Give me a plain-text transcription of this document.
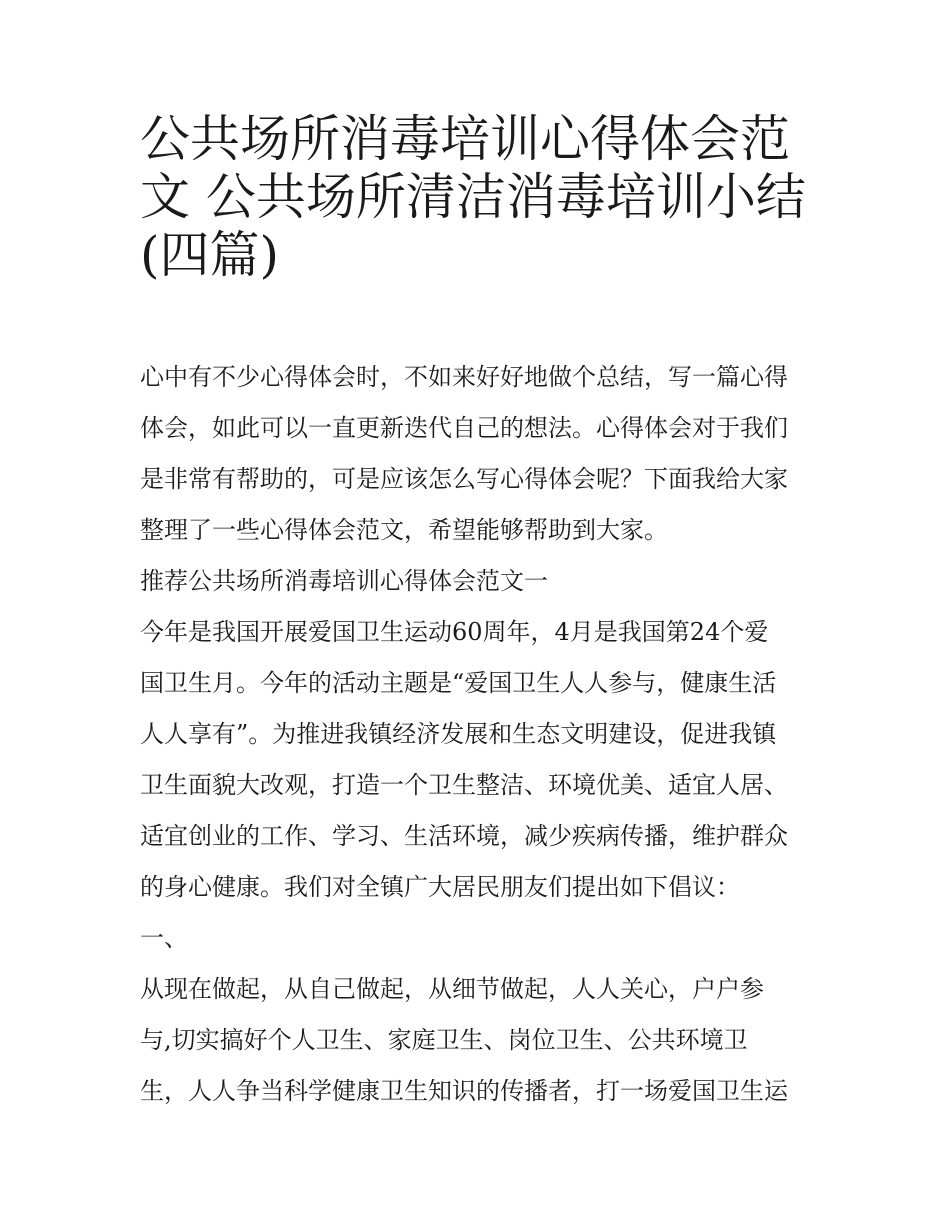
公共场所消毒培训心得体会范
文 公共场所清洁消毒培训小结
(四篇)

心中有不少心得体会时，不如来好好地做个总结，写一篇心得

体会，如此可以一直更新迭代自己的想法。心得体会对于我们

是非常有帮助的，可是应该怎么写心得体会呢？下面我给大家

整理了一些心得体会范文，希望能够帮助到大家。

推荐公共场所消毒培训心得体会范文一

今年是我国开展爱国卫生运动60周年，4月是我国第24个爱

国卫生月。今年的活动主题是“爱国卫生人人参与，健康生活

人人享有”。为推进我镇经济发展和生态文明建设，促进我镇

卫生面貌大改观，打造一个卫生整洁、环境优美、适宜人居、

适宜创业的工作、学习、生活环境，减少疾病传播，维护群众

的身心健康。我们对全镇广大居民朋友们提出如下倡议：

一、

从现在做起，从自己做起，从细节做起，人人关心，户户参

与,切实搞好个人卫生、家庭卫生、岗位卫生、公共环境卫

生，人人争当科学健康卫生知识的传播者，打一场爱国卫生运
